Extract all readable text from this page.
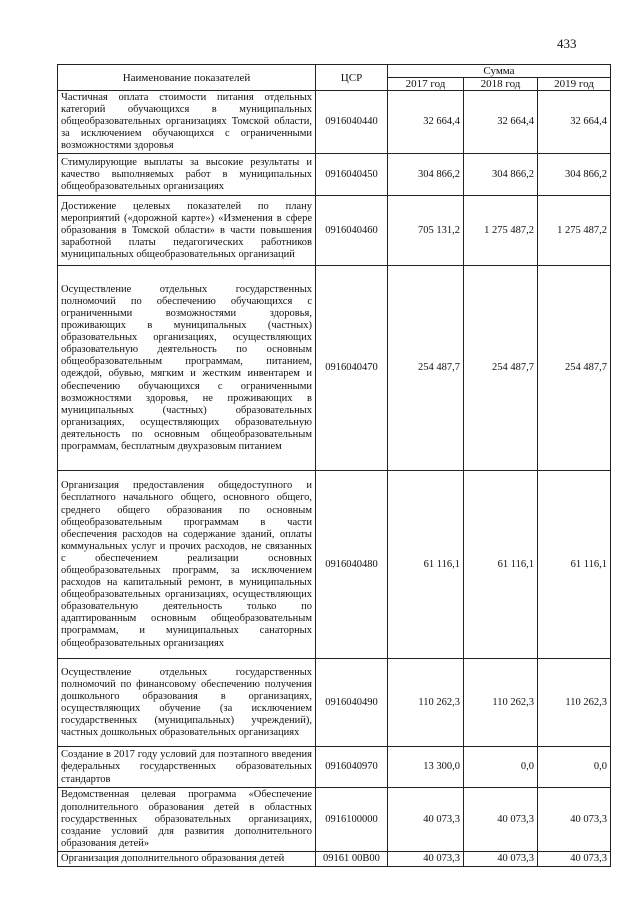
433
Наименование показателей	ЦСР	Сумма		
		2017 год	2018 год	2019 год
Частичная оплата стоимости питания отдельных категорий обучающихся в муниципальных общеобразовательных организациях Томской области, за исключением обучающихся с ограниченными возможностями здоровья	0916040440	32 664,4	32 664,4	32 664,4
Стимулирующие выплаты за высокие результаты и качество выполняемых работ в муниципальных общеобразовательных организациях	0916040450	304 866,2	304 866,2	304 866,2
Достижение целевых показателей по плану мероприятий («дорожной карте») «Изменения в сфере образования в Томской области» в части повышения заработной платы педагогических работников муниципальных общеобразовательных организаций	0916040460	705 131,2	1 275 487,2	1 275 487,2
Осуществление отдельных государственных полномочий по обеспечению обучающихся с ограниченными возможностями здоровья, проживающих в муниципальных (частных) образовательных организациях, осуществляющих образовательную деятельность по основным общеобразовательным программам, питанием, одеждой, обувью, мягким и жестким инвентарем и обеспечению обучающихся с ограниченными возможностями здоровья, не проживающих в муниципальных (частных) образовательных организациях, осуществляющих образовательную деятельность по основным общеобразовательным программам, бесплатным двухразовым питанием	0916040470	254 487,7	254 487,7	254 487,7
Организация предоставления общедоступного и бесплатного начального общего, основного общего, среднего общего образования по основным общеобразовательным программам в части обеспечения расходов на содержание зданий, оплаты коммунальных услуг и прочих расходов, не связанных с обеспечением реализации основных общеобразовательных программ, за исключением расходов на капитальный ремонт, в муниципальных общеобразовательных организациях, осуществляющих образовательную деятельность только по адаптированным основным общеобразовательным программам, и муниципальных санаторных общеобразовательных организациях	0916040480	61 116,1	61 116,1	61 116,1
Осуществление отдельных государственных полномочий по финансовому обеспечению получения дошкольного образования в организациях, осуществляющих обучение (за исключением государственных (муниципальных) учреждений), частных дошкольных образовательных организациях	0916040490	110 262,3	110 262,3	110 262,3
Создание в 2017 году условий для поэтапного введения федеральных государственных образовательных стандартов	0916040970	13 300,0	0,0	0,0
Ведомственная целевая программа «Обеспечение дополнительного образования детей в областных государственных образовательных организациях, создание условий для развития дополнительного образования детей»	0916100000	40 073,3	40 073,3	40 073,3
Организация дополнительного образования детей	09161 00В00	40 073,3	40 073,3	40 073,3
